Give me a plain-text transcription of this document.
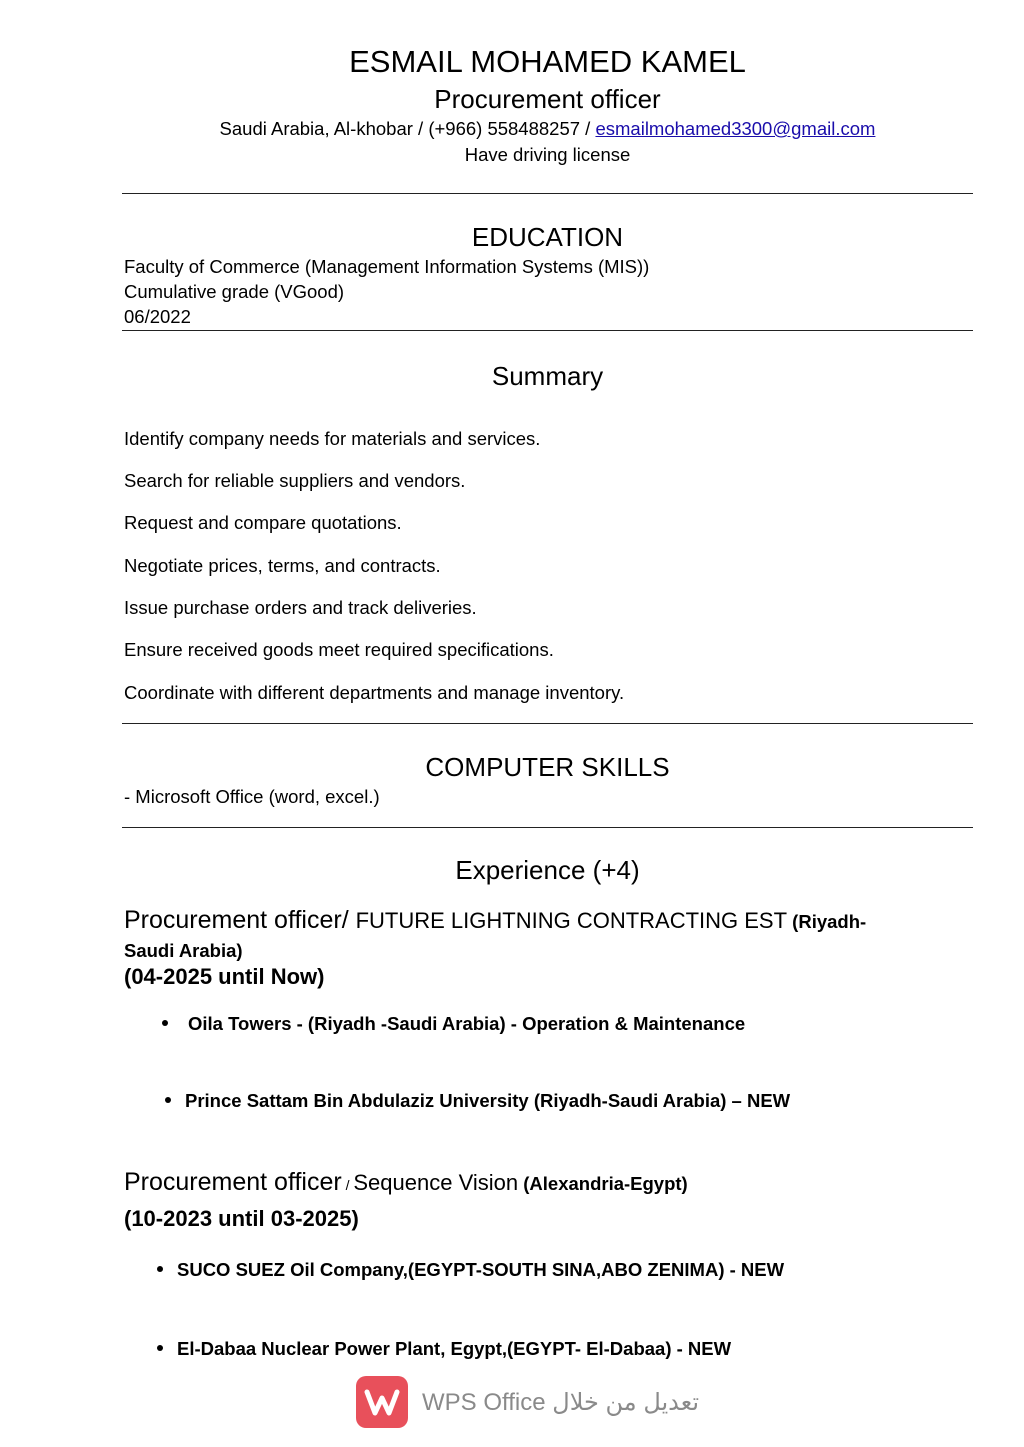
ESMAIL MOHAMED KAMEL
Procurement officer
Saudi Arabia, Al-khobar / (+966) 558488257 / esmailmohamed3300@gmail.com
Have driving license
EDUCATION
Faculty of Commerce (Management Information Systems (MIS))
Cumulative grade (VGood)
06/2022
Summary
Identify company needs for materials and services.
Search for reliable suppliers and vendors.
Request and compare quotations.
Negotiate prices, terms, and contracts.
Issue purchase orders and track deliveries.
Ensure received goods meet required specifications.
Coordinate with different departments and manage inventory.
COMPUTER SKILLS
- Microsoft Office (word, excel.)
Experience (+4)
Procurement officer/ FUTURE LIGHTNING CONTRACTING EST (Riyadh-
Saudi Arabia)
(04-2025 until Now)
Oila Towers - (Riyadh -Saudi Arabia) - Operation & Maintenance
Prince Sattam Bin Abdulaziz University (Riyadh-Saudi Arabia) – NEW
Procurement officer / Sequence Vision (Alexandria-Egypt)
(10-2023 until 03-2025)
SUCO SUEZ Oil Company,(EGYPT-SOUTH SINA,ABO ZENIMA) - NEW
El-Dabaa Nuclear Power Plant, Egypt,(EGYPT- El-Dabaa) - NEW
WPS Office تعديل من خلال
